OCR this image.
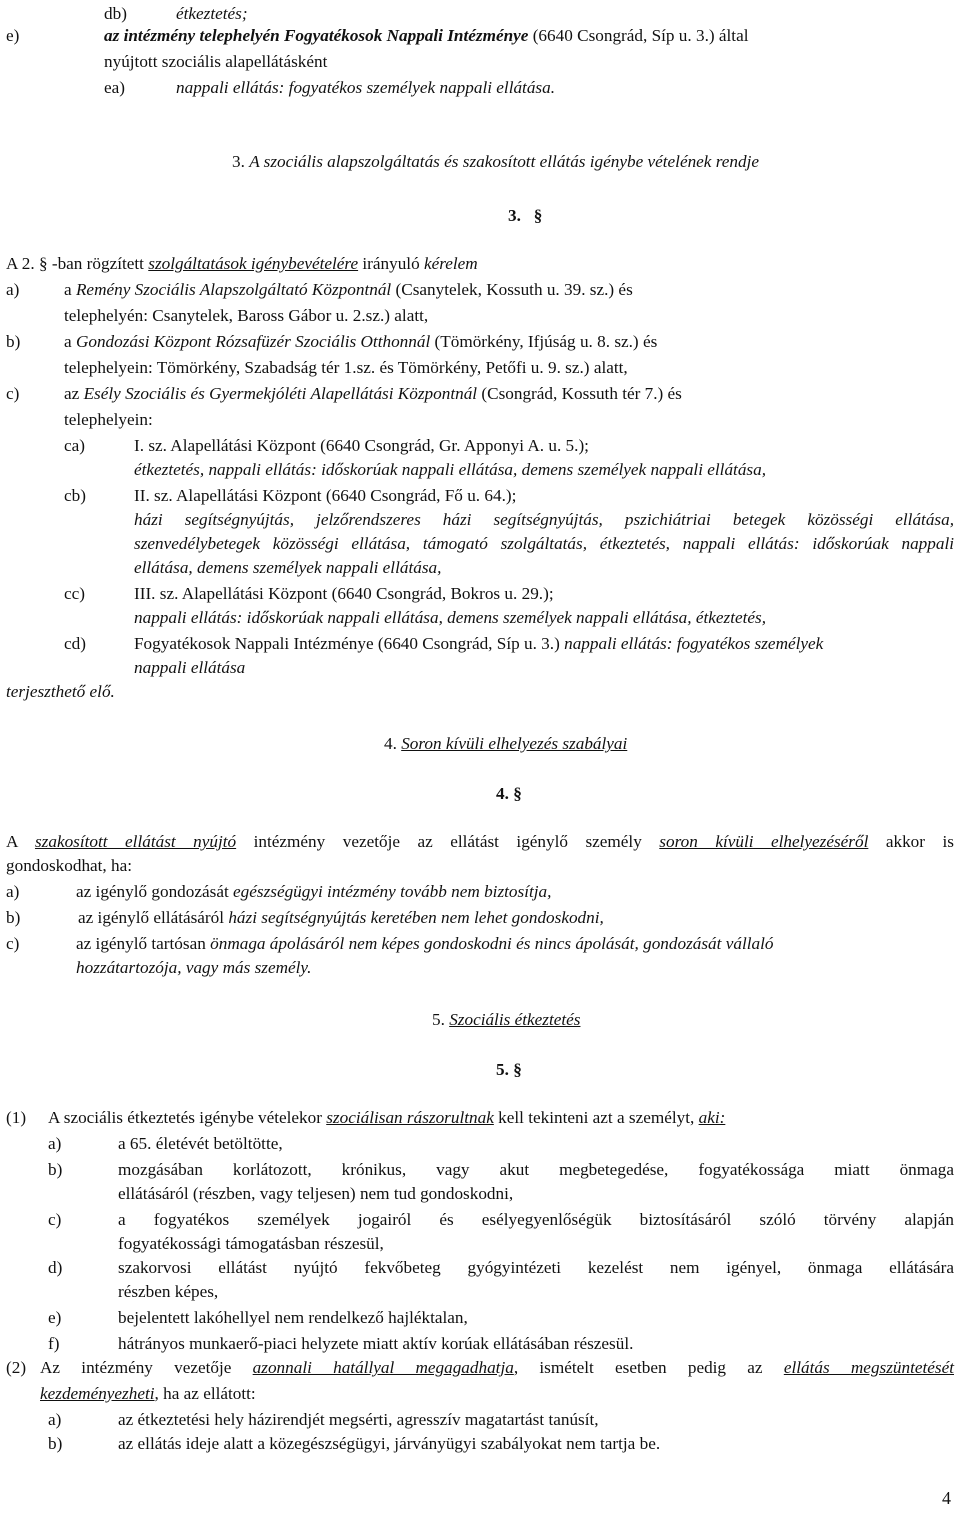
db)	étkeztetés;
e)	az intézmény telephelyén Fogyatékosok Nappali Intézménye (6640 Csongrád, Síp u. 3.) által
nyújtott szociális alapellátásként
ea)	nappali ellátás: fogyatékos személyek nappali ellátása.
3. A szociális alapszolgáltatás és szakosított ellátás igénybe vételének rendje
3. §
A 2. § -ban rögzített szolgáltatások igénybevételére irányuló kérelem
a)	a Remény Szociális Alapszolgáltató Központnál (Csanytelek, Kossuth u. 39. sz.) és
telephelyén: Csanytelek, Baross Gábor u. 2.sz.) alatt,
b)	a Gondozási Központ Rózsafüzér Szociális Otthonnál (Tömörkény, Ifjúság u. 8. sz.) és
telephelyein: Tömörkény, Szabadság tér 1.sz. és Tömörkény, Petőfi u. 9. sz.) alatt,
c)	az Esély Szociális és Gyermekjóléti Alapellátási Központnál (Csongrád, Kossuth tér 7.) és
telephelyein:
ca)	I. sz. Alapellátási Központ (6640 Csongrád, Gr. Apponyi A. u. 5.);
étkeztetés, nappali ellátás: időskorúak nappali ellátása, demens személyek nappali ellátása,
cb)	II. sz. Alapellátási Központ (6640 Csongrád, Fő u. 64.);
házi segítségnyújtás, jelzőrendszeres házi segítségnyújtás, pszichiátriai betegek közösségi ellátása,
szenvedélybetegek közösségi ellátása, támogató szolgáltatás, étkeztetés, nappali ellátás: időskorúak nappali
ellátása, demens személyek nappali ellátása,
cc)	III. sz. Alapellátási Központ (6640 Csongrád, Bokros u. 29.);
nappali ellátás: időskorúak nappali ellátása, demens személyek nappali ellátása, étkeztetés,
cd)	Fogyatékosok Nappali Intézménye (6640 Csongrád, Síp u. 3.) nappali ellátás: fogyatékos személyek
nappali ellátása
terjeszthető elő.
4. Soron kívüli elhelyezés szabályai
4. §
A szakosított ellátást nyújtó intézmény vezetője az ellátást igénylő személy soron kívüli elhelyezéséről akkor is
gondoskodhat, ha:
a)	az igénylő gondozását egészségügyi intézmény tovább nem biztosítja,
b)	az igénylő ellátásáról házi segítségnyújtás keretében nem lehet gondoskodni,
c)	az igénylő tartósan önmaga ápolásáról nem képes gondoskodni és nincs ápolását, gondozását vállaló
hozzátartozója, vagy más személy.
5. Szociális étkeztetés
5. §
(1) A szociális étkeztetés igénybe vételekor szociálisan rászorultnak kell tekinteni azt a személyt, aki:
a)	a 65. életévét betöltötte,
b)	mozgásában korlátozott, krónikus, vagy akut megbetegedése, fogyatékossága miatt önmaga
ellátásáról (részben, vagy teljesen) nem tud gondoskodni,
c)	a fogyatékos személyek jogairól és esélyegyenlőségük biztosításáról szóló törvény alapján
fogyatékossági támogatásban részesül,
d)	szakorvosi ellátást nyújtó fekvőbeteg gyógyintézeti kezelést nem igényel, önmaga ellátására
részben képes,
e)	bejelentett lakóhellyel nem rendelkező hajléktalan,
f)	hátrányos munkaerő-piaci helyzete miatt aktív korúak ellátásában részesül.
(2) Az intézmény vezetője azonnali hatállyal megagadhatja, ismételt esetben pedig az ellátás megszüntetését
kezdeményezheti, ha az ellátott:
a)	az étkeztetési hely házirendjét megsérti, agresszív magatartást tanúsít,
b)	az ellátás ideje alatt a közegészségügyi, járványügyi szabályokat nem tartja be.
4
